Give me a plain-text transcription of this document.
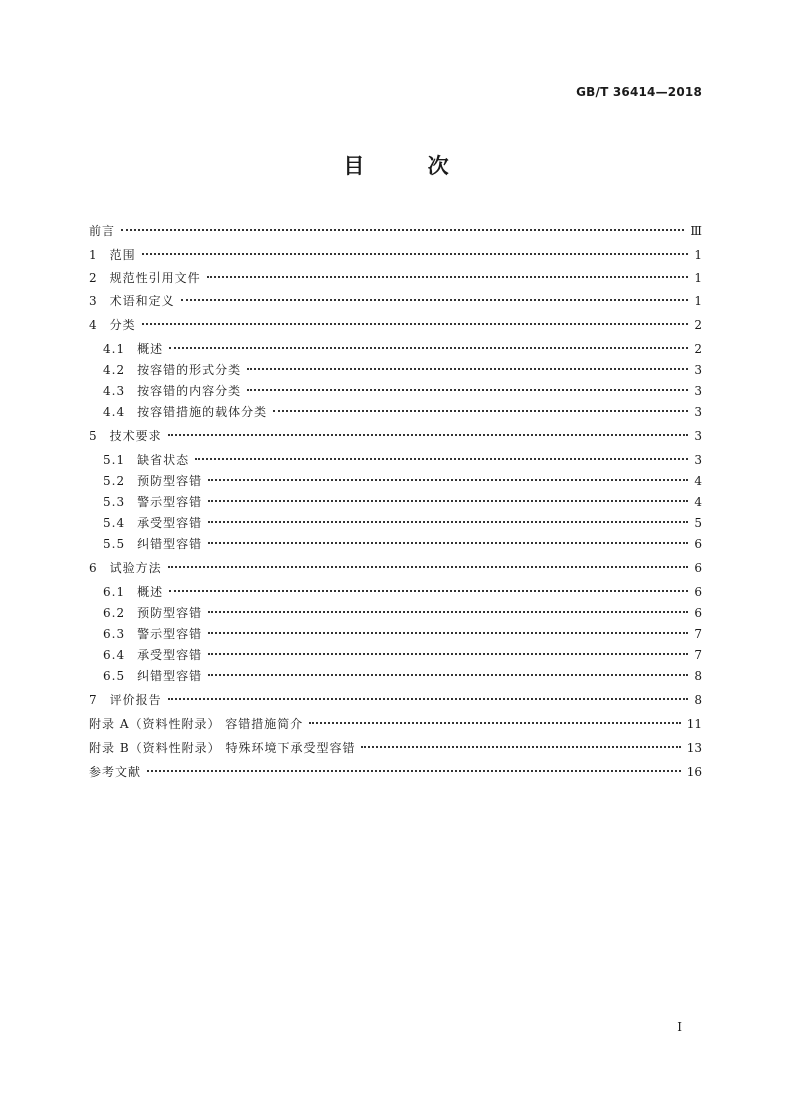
GB/T 36414—2018
目 次
前言	Ⅲ
1 范围	1
2 规范性引用文件	1
3 术语和定义	1
4 分类	2
4.1 概述	2
4.2 按容错的形式分类	3
4.3 按容错的内容分类	3
4.4 按容错措施的载体分类	3
5 技术要求	3
5.1 缺省状态	3
5.2 预防型容错	4
5.3 警示型容错	4
5.4 承受型容错	5
5.5 纠错型容错	6
6 试验方法	6
6.1 概述	6
6.2 预防型容错	6
6.3 警示型容错	7
6.4 承受型容错	7
6.5 纠错型容错	8
7 评价报告	8
附录 A（资料性附录） 容错措施简介	11
附录 B（资料性附录） 特殊环境下承受型容错	13
参考文献	16
I
